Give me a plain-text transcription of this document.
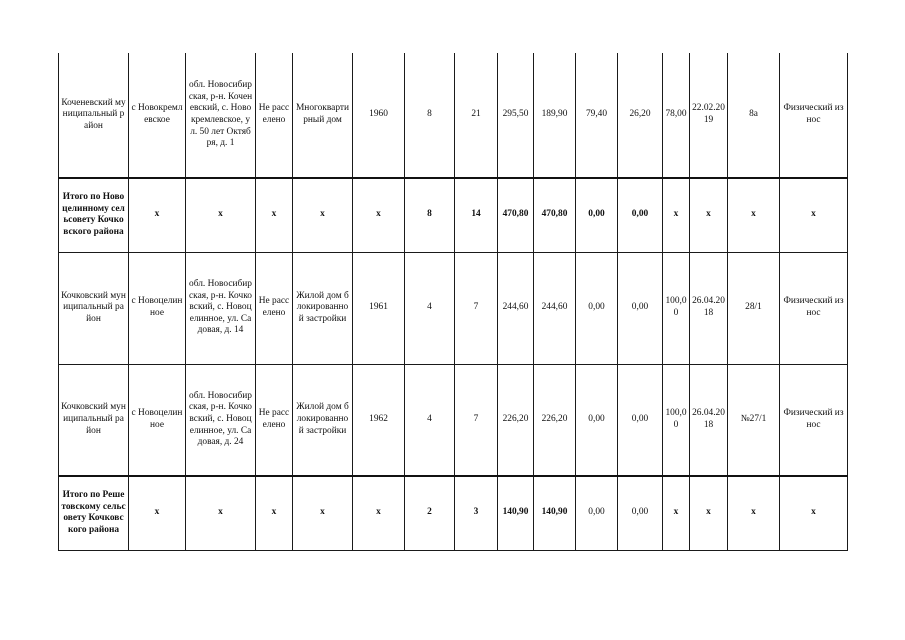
Коченевский муниципальный район	с Новокремлевское	обл. Новосибирская, р-н. Коченевский, с. Новокремлевское, ул. 50 лет Октября, д. 1	Не расселено	Многоквартирный дом	1960	8	21	295,50	189,90	79,40	26,20	78,00	22.02.2019	8а	Физический износ
Итого по Новоцелинному сельсовету Кочковского района	x	x	x	x	x	8	14	470,80	470,80	0,00	0,00	x	x	x	x
Кочковский муниципальный район	с Новоцелинное	обл. Новосибирская, р-н. Кочковский, с. Новоцелинное, ул. Садовая, д. 14	Не расселено	Жилой дом блокированной застройки	1961	4	7	244,60	244,60	0,00	0,00	100,00	26.04.2018	28/1	Физический износ
Кочковский муниципальный район	с Новоцелинное	обл. Новосибирская, р-н. Кочковский, с. Новоцелинное, ул. Садовая, д. 24	Не расселено	Жилой дом блокированной застройки	1962	4	7	226,20	226,20	0,00	0,00	100,00	26.04.2018	№27/1	Физический износ
Итого по Решетовскому сельсовету Кочковского района	x	x	x	x	x	2	3	140,90	140,90	0,00	0,00	x	x	x	x
